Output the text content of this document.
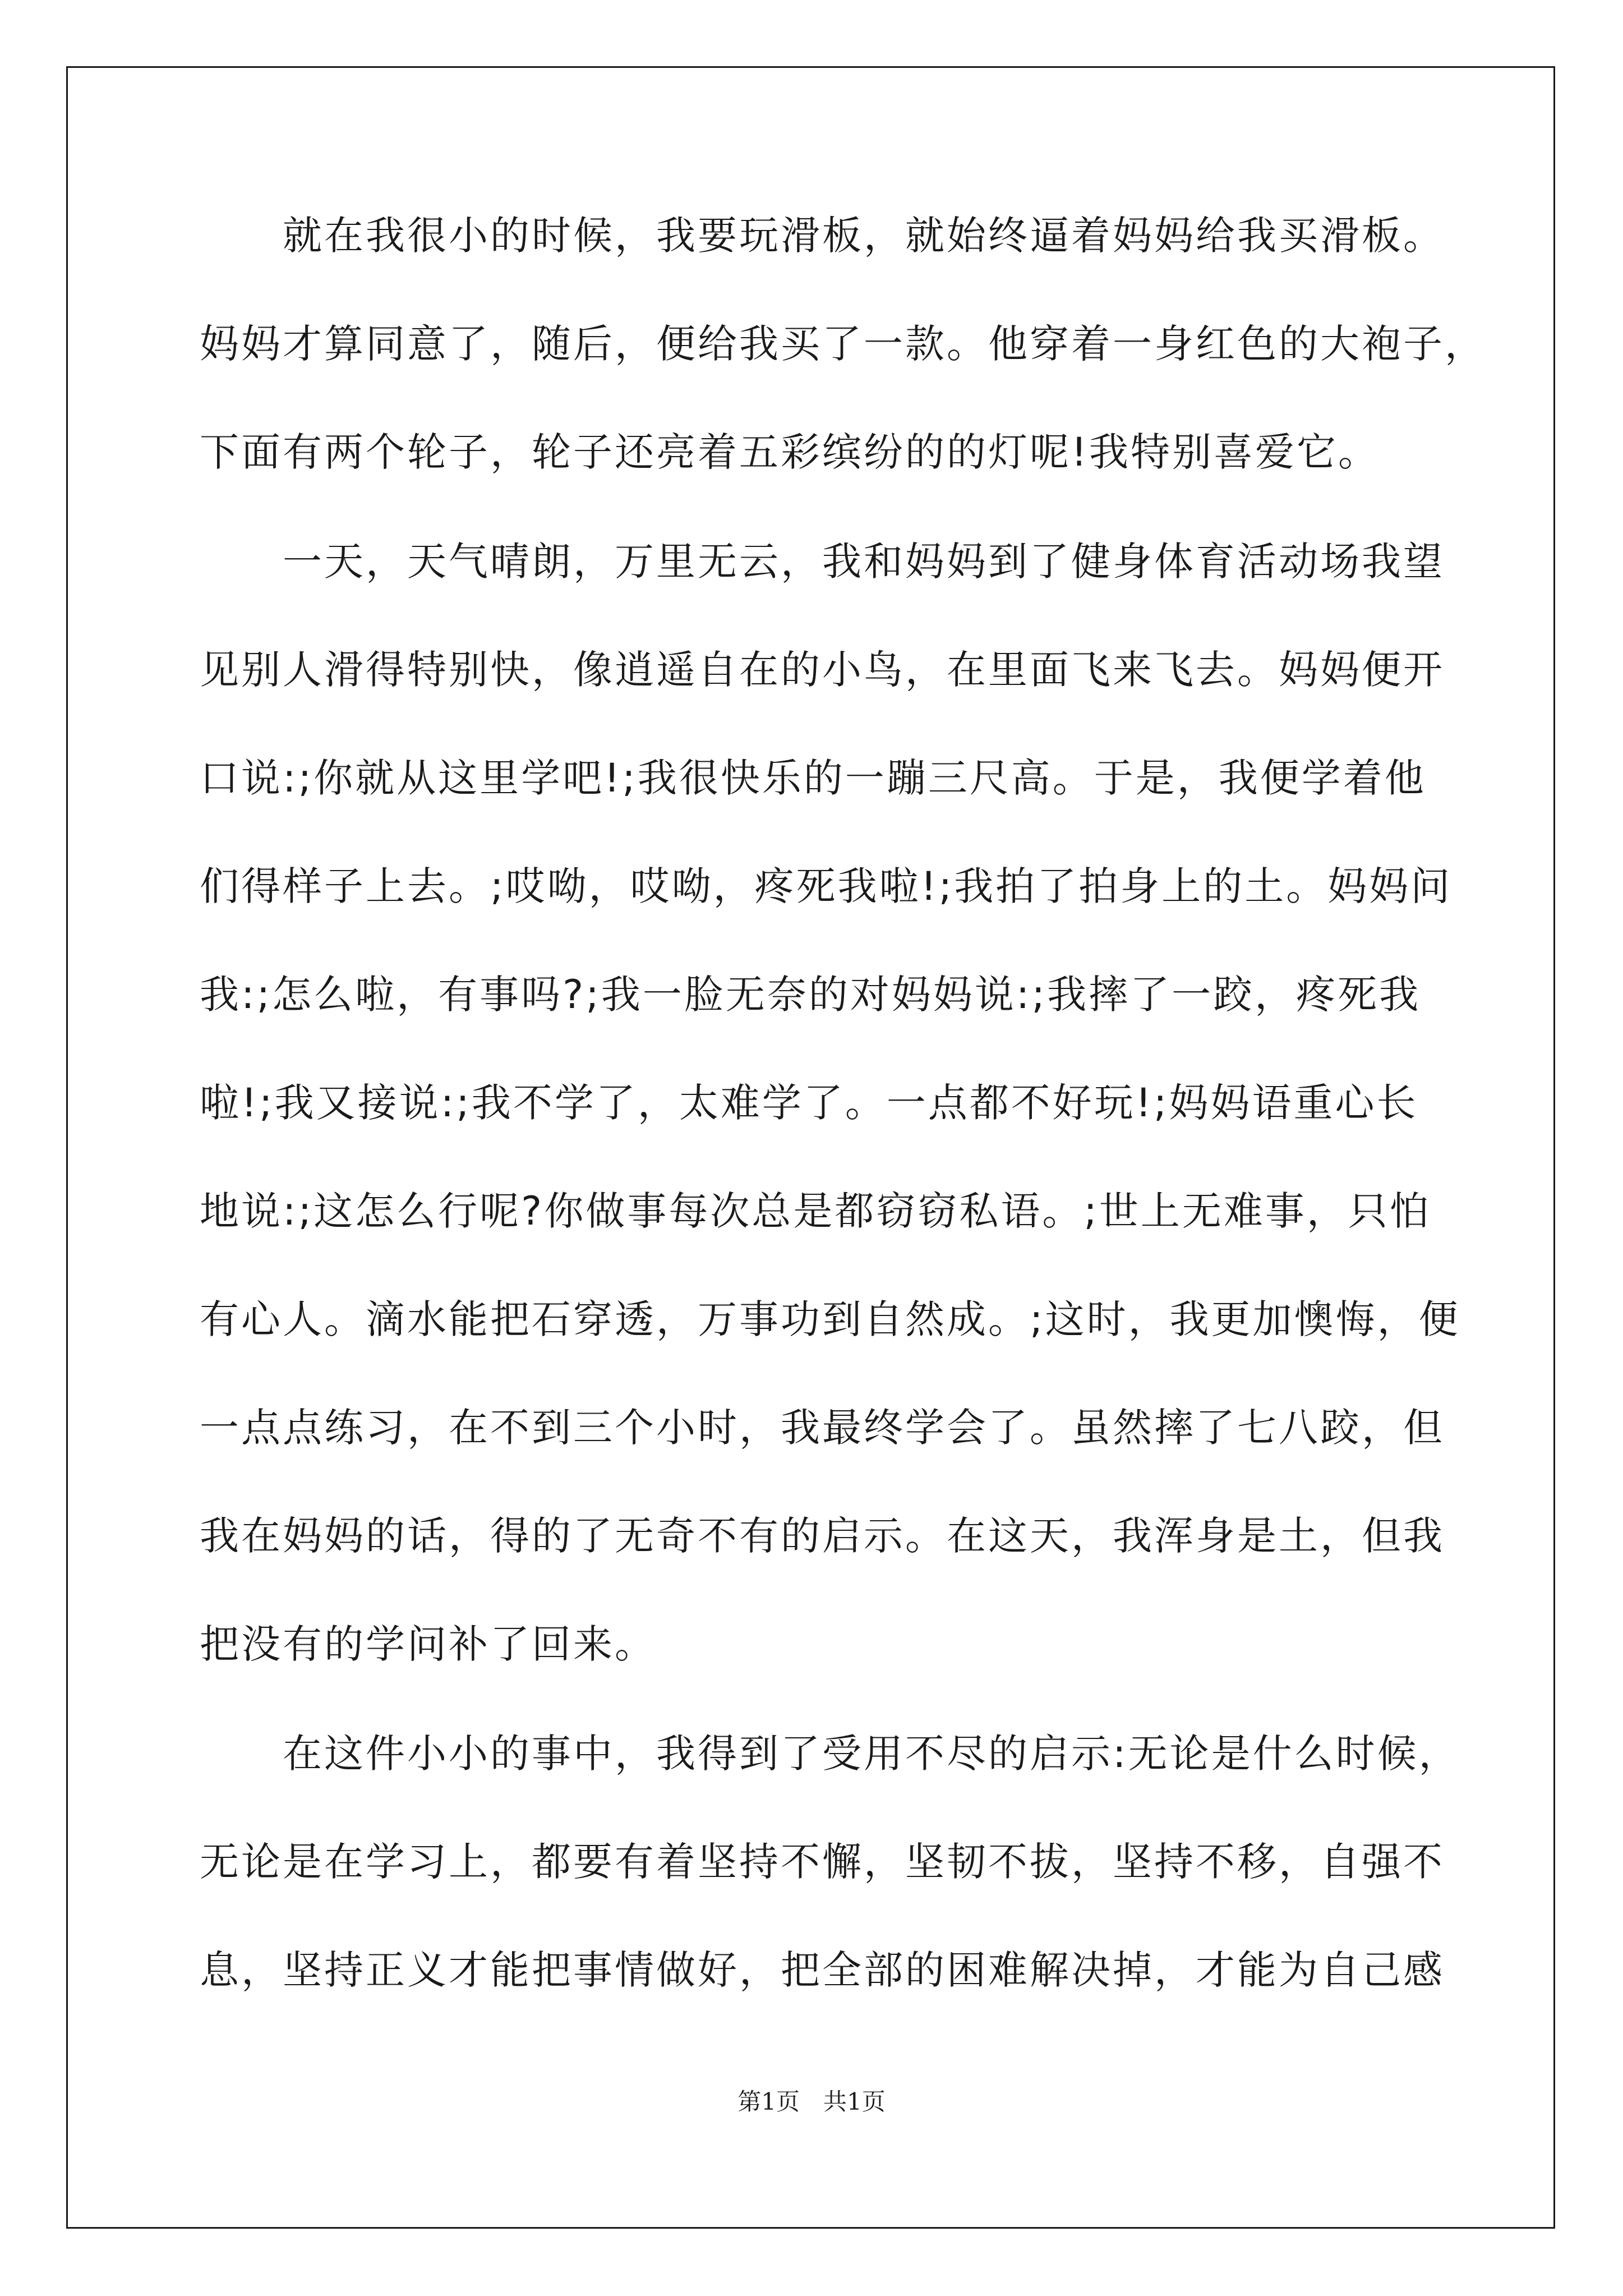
　　就在我很小的时候，我要玩滑板，就始终逼着妈妈给我买滑板。
妈妈才算同意了，随后，便给我买了一款。他穿着一身红色的大袍子，
下面有两个轮子，轮子还亮着五彩缤纷的的灯呢!我特别喜爱它。
　　一天，天气晴朗，万里无云，我和妈妈到了健身体育活动场我望
见别人滑得特别快，像逍遥自在的小鸟，在里面飞来飞去。妈妈便开
口说:;你就从这里学吧!;我很快乐的一蹦三尺高。于是，我便学着他
们得样子上去。;哎呦，哎呦，疼死我啦!;我拍了拍身上的土。妈妈问
我:;怎么啦，有事吗?;我一脸无奈的对妈妈说:;我摔了一跤，疼死我
啦!;我又接说:;我不学了，太难学了。一点都不好玩!;妈妈语重心长
地说:;这怎么行呢?你做事每次总是都窃窃私语。;世上无难事，只怕
有心人。滴水能把石穿透，万事功到自然成。;这时，我更加懊悔，便
一点点练习，在不到三个小时，我最终学会了。虽然摔了七八跤，但
我在妈妈的话，得的了无奇不有的启示。在这天，我浑身是土，但我
把没有的学问补了回来。
　　在这件小小的事中，我得到了受用不尽的启示:无论是什么时候，
无论是在学习上，都要有着坚持不懈，坚韧不拔，坚持不移，自强不
息，坚持正义才能把事情做好，把全部的困难解决掉，才能为自己感
第1页　共1页
